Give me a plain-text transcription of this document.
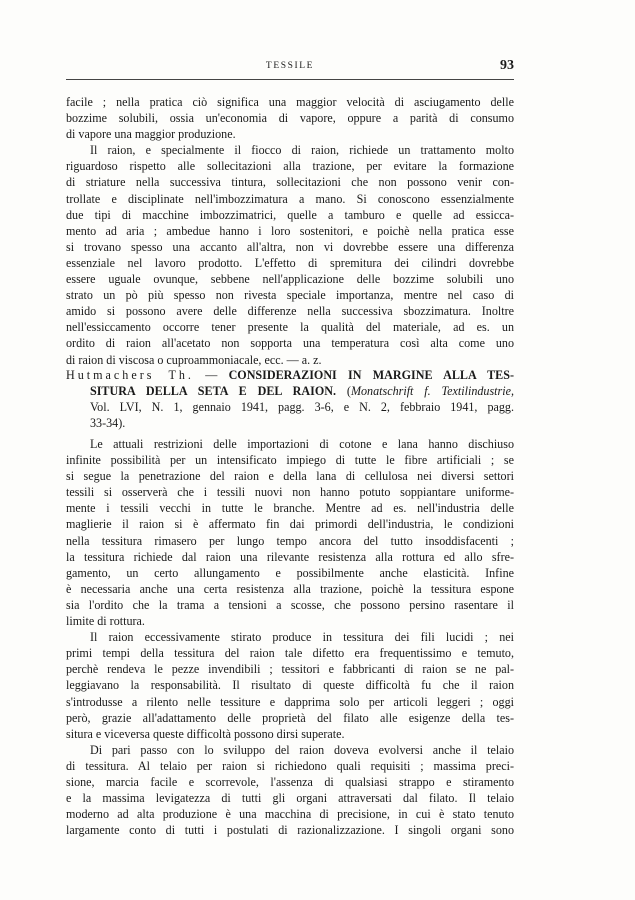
TESSILE	93
facile ; nella pratica ciò significa una maggior velocità di asciugamento delle
bozzime solubili, ossia un'economia di vapore, oppure a parità di consumo
di vapore una maggior produzione.
Il raion, e specialmente il fiocco di raion, richiede un trattamento molto
riguardoso rispetto alle sollecitazioni alla trazione, per evitare la formazione
di striature nella successiva tintura, sollecitazioni che non possono venir con-
trollate e disciplinate nell'imbozzimatura a mano. Si conoscono essenzialmente
due tipi di macchine imbozzimatrici, quelle a tamburo e quelle ad essicca-
mento ad aria ; ambedue hanno i loro sostenitori, e poichè nella pratica esse
si trovano spesso una accanto all'altra, non vi dovrebbe essere una differenza
essenziale nel lavoro prodotto. L'effetto di spremitura dei cilindri dovrebbe
essere uguale ovunque, sebbene nell'applicazione delle bozzime solubili uno
strato un pò più spesso non rivesta speciale importanza, mentre nel caso di
amido si possono avere delle differenze nella successiva sbozzimatura. Inoltre
nell'essiccamento occorre tener presente la qualità del materiale, ad es. un
ordito di raion all'acetato non sopporta una temperatura così alta come uno
di raion di viscosa o cuproammoniacale, ecc. — a. z.
Hutmachers Th. — CONSIDERAZIONI IN MARGINE ALLA TES-
SITURA DELLA SETA E DEL RAION. (Monatschrift f. Textilindustrie,
Vol. LVI, N. 1, gennaio 1941, pagg. 3-6, e N. 2, febbraio 1941, pagg.
33-34).
Le attuali restrizioni delle importazioni di cotone e lana hanno dischiuso
infinite possibilità per un intensificato impiego di tutte le fibre artificiali ; se
si segue la penetrazione del raion e della lana di cellulosa nei diversi settori
tessili si osserverà che i tessili nuovi non hanno potuto soppiantare uniforme-
mente i tessili vecchi in tutte le branche. Mentre ad es. nell'industria delle
maglierie il raion si è affermato fin dai primordi dell'industria, le condizioni
nella tessitura rimasero per lungo tempo ancora del tutto insoddisfacenti ;
la tessitura richiede dal raion una rilevante resistenza alla rottura ed allo sfre-
gamento, un certo allungamento e possibilmente anche elasticità. Infine
è necessaria anche una certa resistenza alla trazione, poichè la tessitura espone
sia l'ordito che la trama a tensioni a scosse, che possono persino rasentare il
limite di rottura.
Il raion eccessivamente stirato produce in tessitura dei fili lucidi ; nei
primi tempi della tessitura del raion tale difetto era frequentissimo e temuto,
perchè rendeva le pezze invendibili ; tessitori e fabbricanti di raion se ne pal-
leggiavano la responsabilità. Il risultato di queste difficoltà fu che il raion
s'introdusse a rilento nelle tessiture e dapprima solo per articoli leggeri ; oggi
però, grazie all'adattamento delle proprietà del filato alle esigenze della tes-
situra e viceversa queste difficoltà possono dirsi superate.
Di pari passo con lo sviluppo del raion doveva evolversi anche il telaio
di tessitura. Al telaio per raion si richiedono quali requisiti ; massima preci-
sione, marcia facile e scorrevole, l'assenza di qualsiasi strappo e stiramento
e la massima levigatezza di tutti gli organi attraversati dal filato. Il telaio
moderno ad alta produzione è una macchina di precisione, in cui è stato tenuto
largamente conto di tutti i postulati di razionalizzazione. I singoli organi sono
